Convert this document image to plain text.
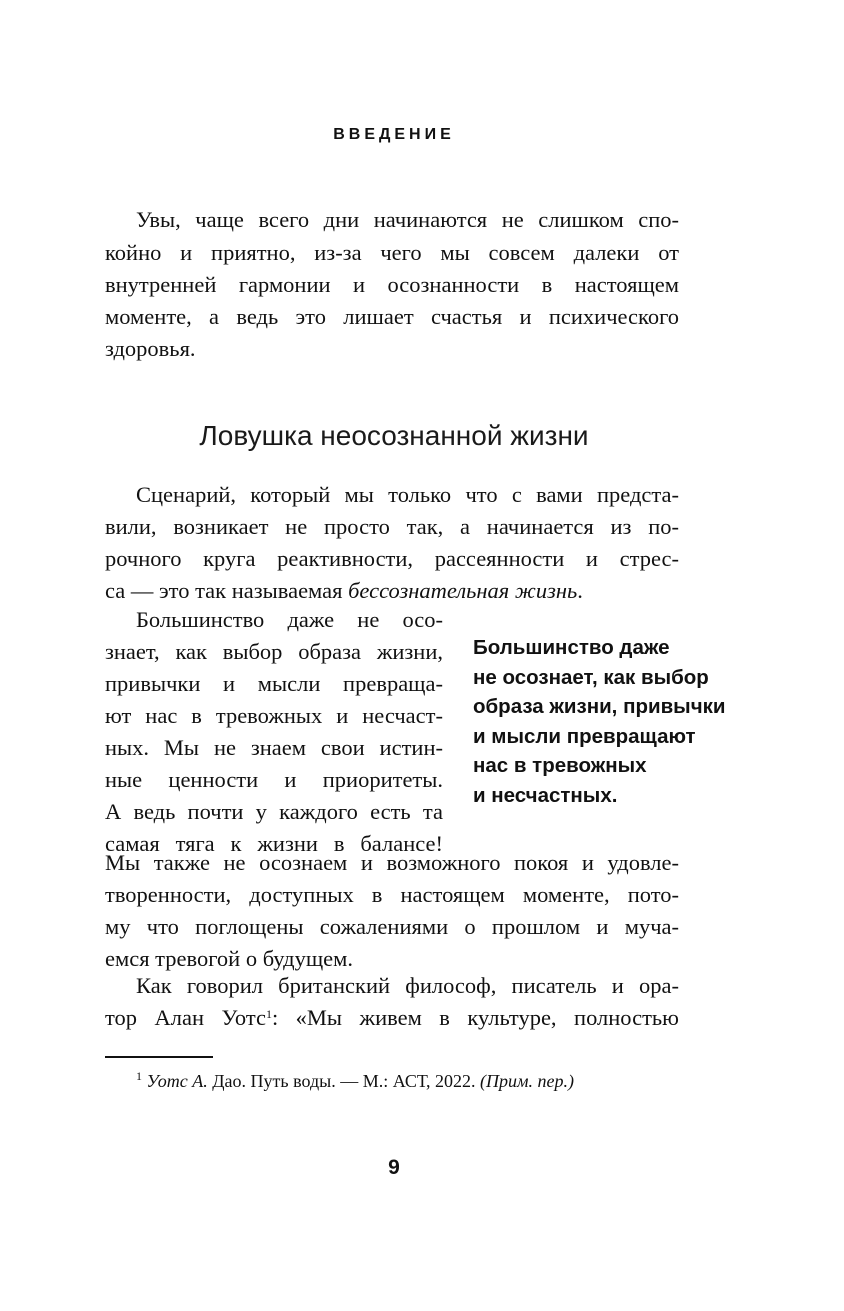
ВВЕДЕНИЕ
Увы, чаще всего дни начинаются не слишком спо-
койно и приятно, из-за чего мы совсем далеки от
внутренней гармонии и осознанности в настоящем
моменте, а ведь это лишает счастья и психического
здоровья.
Ловушка неосознанной жизни
Сценарий, который мы только что с вами предста-
вили, возникает не просто так, а начинается из по-
рочного круга реактивности, рассеянности и стрес-
са — это так называемая бессознательная жизнь.
Большинство даже не осо-
знает, как выбор образа жизни,
привычки и мысли превраща-
ют нас в тревожных и несчаст-
ных. Мы не знаем свои истин-
ные ценности и приоритеты.
А ведь почти у каждого есть та
самая тяга к жизни в балансе!
Большинство даже
не осознает, как выбор
образа жизни, привычки
и мысли превращают
нас в тревожных
и несчастных.
Мы также не осознаем и возможного покоя и удовле-
творенности, доступных в настоящем моменте, пото-
му что поглощены сожалениями о прошлом и муча-
емся тревогой о будущем.
Как говорил британский философ, писатель и ора-
тор Алан Уотс$^1$: «Мы живем в культуре, полностью
$^1$ Уотс А. Дао. Путь воды. — М.: АСТ, 2022. (Прим. пер.)
9
